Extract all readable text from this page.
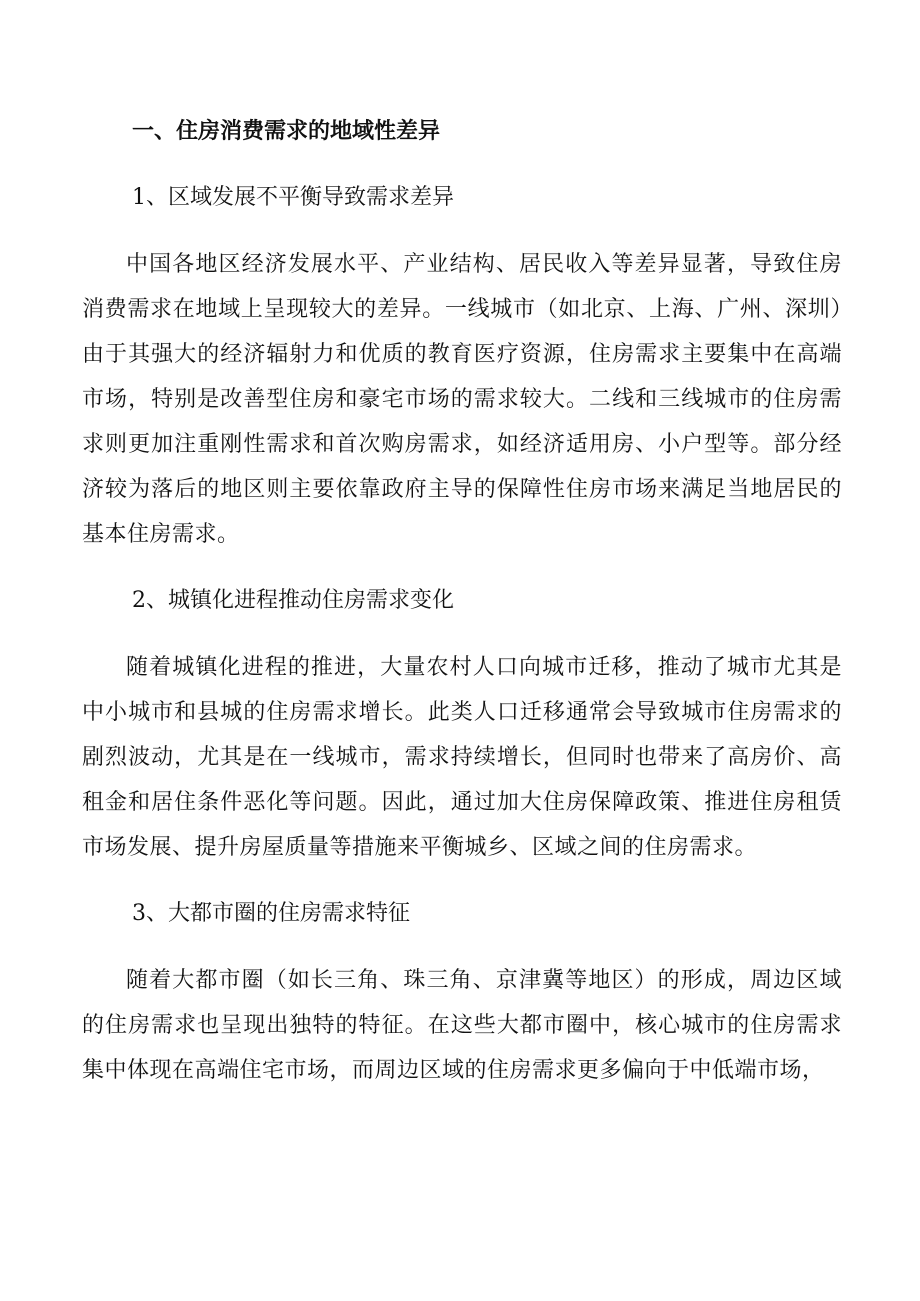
一、住房消费需求的地域性差异
1、区域发展不平衡导致需求差异

中国各地区经济发展水平、产业结构、居民收入等差异显著，导致住房消费需求在地域上呈现较大的差异。一线城市（如北京、上海、广州、深圳）由于其强大的经济辐射力和优质的教育医疗资源，住房需求主要集中在高端市场，特别是改善型住房和豪宅市场的需求较大。二线和三线城市的住房需求则更加注重刚性需求和首次购房需求，如经济适用房、小户型等。部分经济较为落后的地区则主要依靠政府主导的保障性住房市场来满足当地居民的基本住房需求。

2、城镇化进程推动住房需求变化

随着城镇化进程的推进，大量农村人口向城市迁移，推动了城市尤其是中小城市和县城的住房需求增长。此类人口迁移通常会导致城市住房需求的剧烈波动，尤其是在一线城市，需求持续增长，但同时也带来了高房价、高租金和居住条件恶化等问题。因此，通过加大住房保障政策、推进住房租赁市场发展、提升房屋质量等措施来平衡城乡、区域之间的住房需求。

3、大都市圈的住房需求特征

随着大都市圈（如长三角、珠三角、京津冀等地区）的形成，周边区域的住房需求也呈现出独特的特征。在这些大都市圈中，核心城市的住房需求集中体现在高端住宅市场，而周边区域的住房需求更多偏向于中低端市场，
